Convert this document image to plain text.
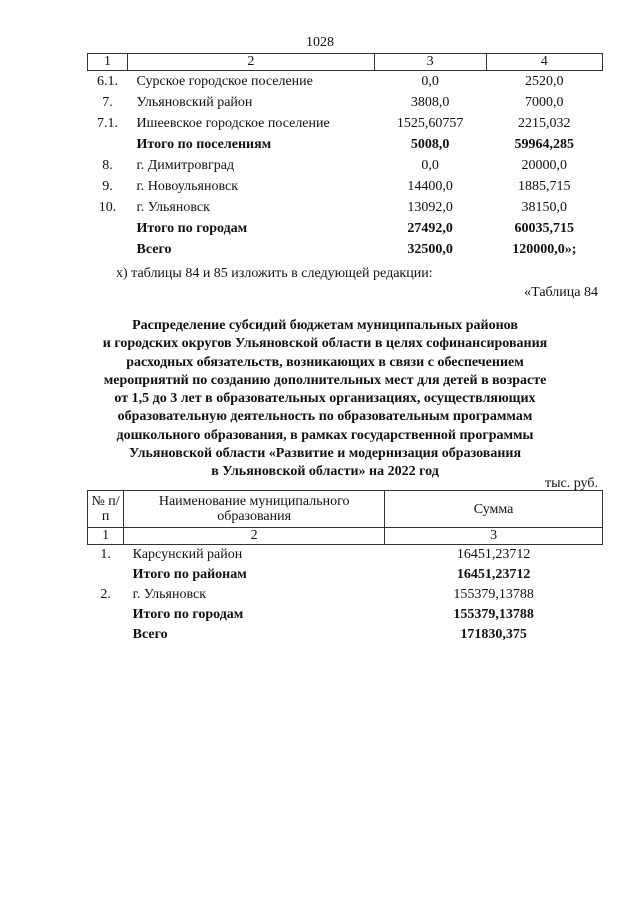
1028
1	2	3	4
6.1.	Сурское городское поселение	0,0	2520,0
7.	Ульяновский район	3808,0	7000,0
7.1.	Ишеевское городское поселение	1525,60757	2215,032
	Итого по поселениям	5008,0	59964,285
8.	г. Димитровград	0,0	20000,0
9.	г. Новоульяновск	14400,0	1885,715
10.	г. Ульяновск	13092,0	38150,0
	Итого по городам	27492,0	60035,715
	Всего	32500,0	120000,0»;
х) таблицы 84 и 85 изложить в следующей редакции:
«Таблица 84
Распределение субсидий бюджетам муниципальных районов
и городских округов Ульяновской области в целях софинансирования
расходных обязательств, возникающих в связи с обеспечением
мероприятий по созданию дополнительных мест для детей в возрасте
от 1,5 до 3 лет в образовательных организациях, осуществляющих
образовательную деятельность по образовательным программам
дошкольного образования, в рамках государственной программы
Ульяновской области «Развитие и модернизация образования
в Ульяновской области» на 2022 год
тыс. руб.
№ п/п	Наименование муниципального образования	Сумма
1	2	3
1.	Карсунский район	16451,23712
	Итого по районам	16451,23712
2.	г. Ульяновск	155379,13788
	Итого по городам	155379,13788
	Всего	171830,375
